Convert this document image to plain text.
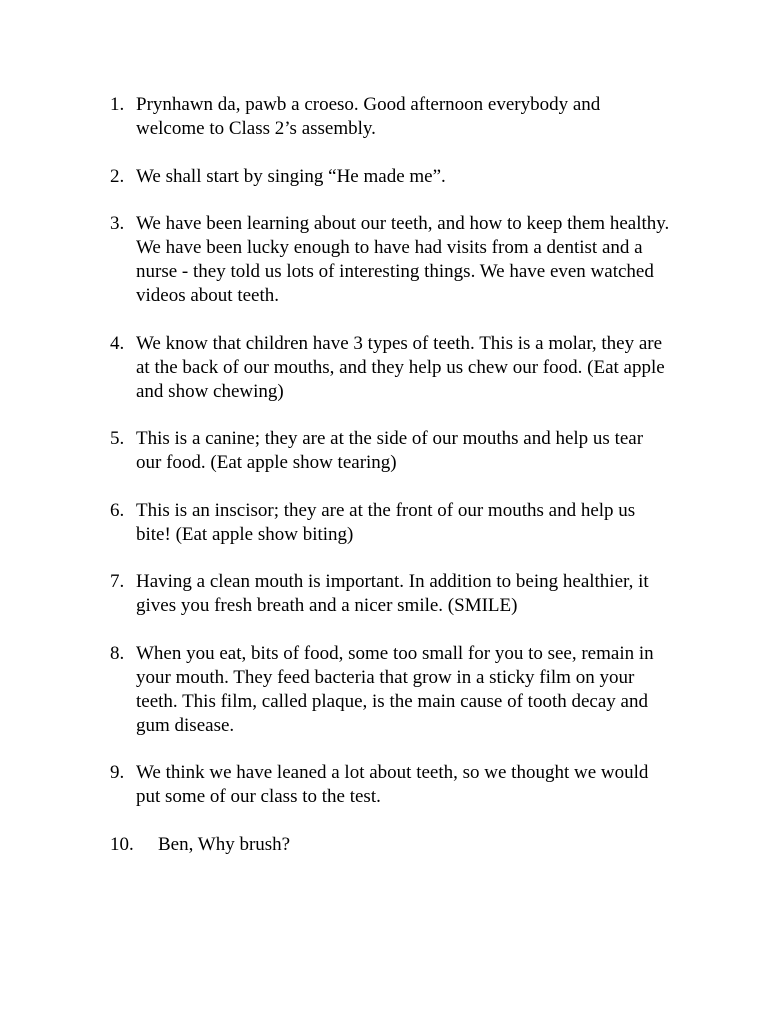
1. Prynhawn da, pawb a croeso. Good afternoon everybody and welcome to Class 2’s assembly.
2. We shall start by singing “He made me”.
3. We have been learning about our teeth, and how to keep them healthy. We have been lucky enough to have had visits from a dentist and a nurse - they told us lots of interesting things. We have even watched videos about teeth.
4. We know that children have 3 types of teeth. This is a molar, they are at the back of our mouths, and they help us chew our food. (Eat apple and show chewing)
5. This is a canine; they are at the side of our mouths and help us tear our food. (Eat apple show tearing)
6. This is an inscisor; they are at the front of our mouths and help us bite! (Eat apple show biting)
7. Having a clean mouth is important. In addition to being healthier, it gives you fresh breath and a nicer smile. (SMILE)
8. When you eat, bits of food, some too small for you to see, remain in your mouth. They feed bacteria that grow in a sticky film on your teeth. This film, called plaque, is the main cause of tooth decay and gum disease.
9. We think we have leaned a lot about teeth, so we thought we would put some of our class to the test.
10.	Ben, Why brush?
